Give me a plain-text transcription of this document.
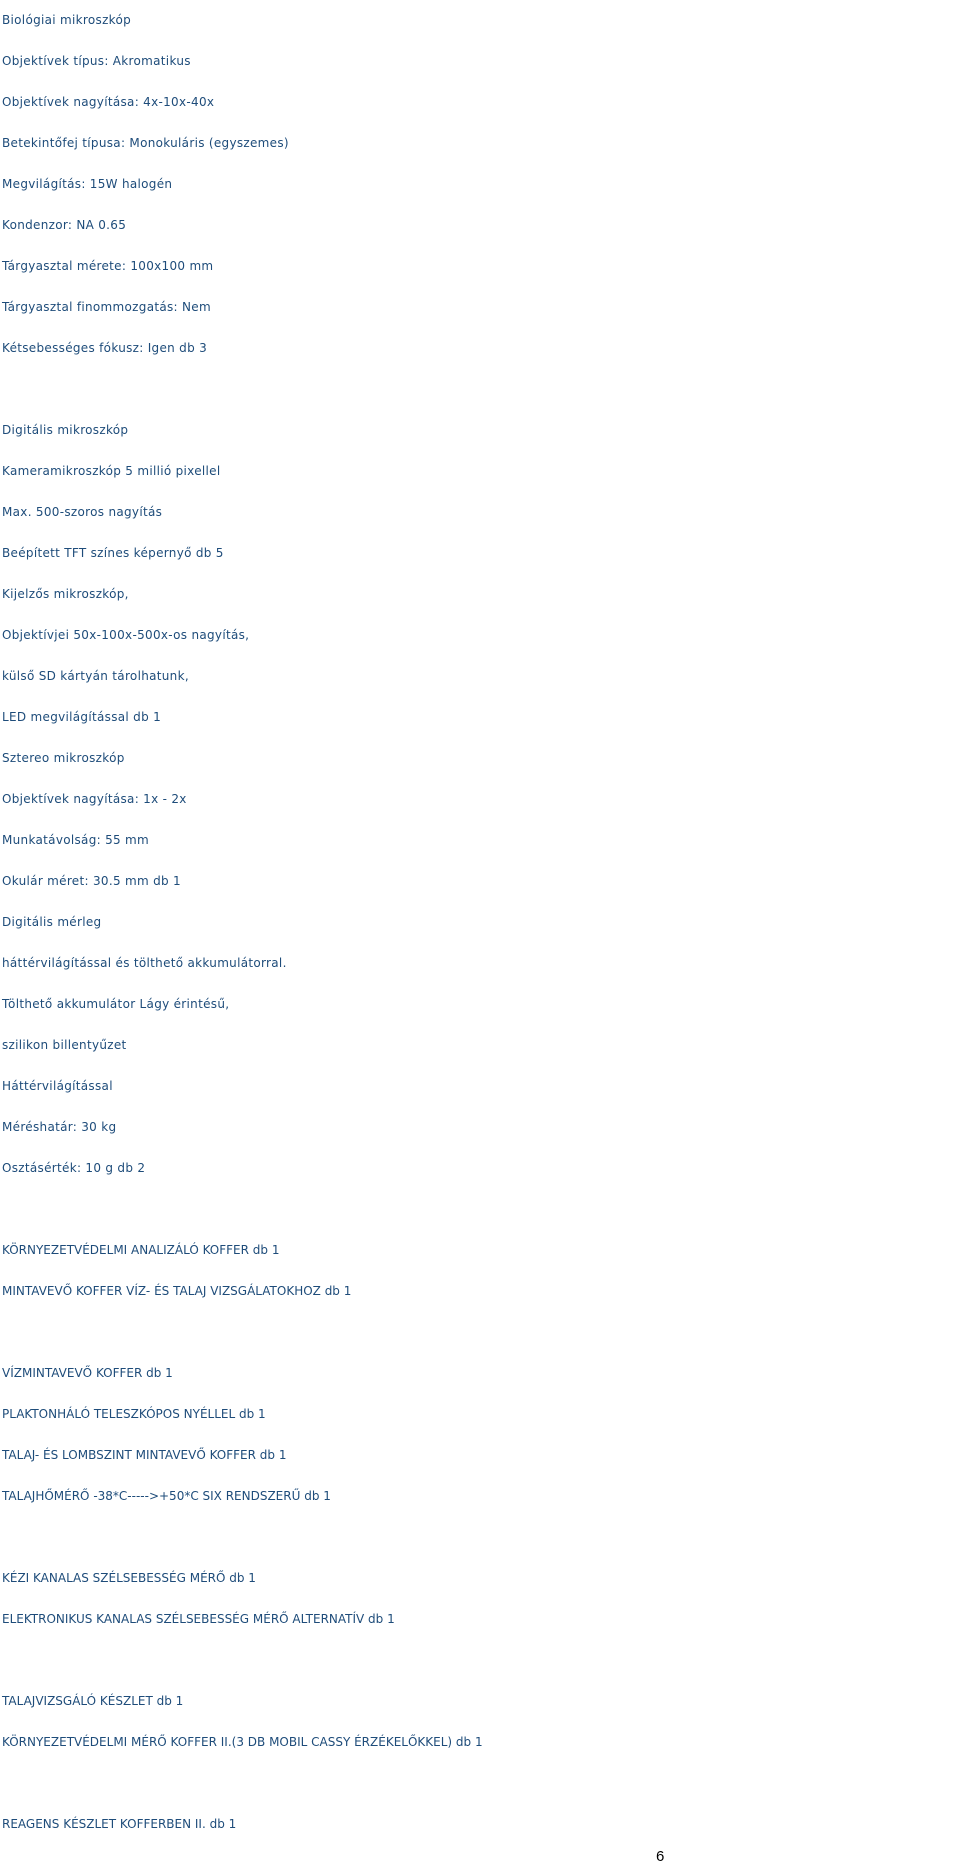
Biológiai mikroszkóp
Objektívek típus: Akromatikus
Objektívek nagyítása: 4x-10x-40x
Betekintőfej típusa: Monokuláris (egyszemes)
Megvilágítás: 15W halogén
Kondenzor: NA 0.65
Tárgyasztal mérete: 100x100 mm
Tárgyasztal finommozgatás: Nem
Kétsebességes fókusz: Igen db 3
Digitális mikroszkóp
Kameramikroszkóp 5 millió pixellel
Max. 500-szoros nagyítás
Beépített TFT színes képernyő db 5
Kijelzős mikroszkóp,
Objektívjei 50x-100x-500x-os nagyítás,
külső SD kártyán tárolhatunk,
LED megvilágítással db 1
Sztereo mikroszkóp
Objektívek nagyítása: 1x - 2x
Munkatávolság: 55 mm
Okulár méret: 30.5 mm db 1
Digitális mérleg
háttérvilágítással és tölthető akkumulátorral.
Tölthető akkumulátor Lágy érintésű,
szilikon billentyűzet
Háttérvilágítással
Méréshatár: 30 kg
Osztásérték: 10 g db 2
KÖRNYEZETVÉDELMI ANALIZÁLÓ KOFFER db 1
MINTAVEVŐ KOFFER VÍZ- ÉS TALAJ VIZSGÁLATOKHOZ db 1
VÍZMINTAVEVŐ KOFFER db 1
PLAKTONHÁLÓ TELESZKÓPOS NYÉLLEL db 1
TALAJ- ÉS LOMBSZINT MINTAVEVŐ KOFFER db 1
TALAJHŐMÉRŐ -38*C----->+50*C SIX RENDSZERŰ db 1
KÉZI KANALAS SZÉLSEBESSÉG MÉRŐ db 1
ELEKTRONIKUS KANALAS SZÉLSEBESSÉG MÉRŐ ALTERNATÍV db 1
TALAJVIZSGÁLÓ KÉSZLET db 1
KÖRNYEZETVÉDELMI MÉRŐ KOFFER II.(3 DB MOBIL CASSY ÉRZÉKELŐKKEL) db 1
REAGENS KÉSZLET KOFFERBEN II. db 1
6
